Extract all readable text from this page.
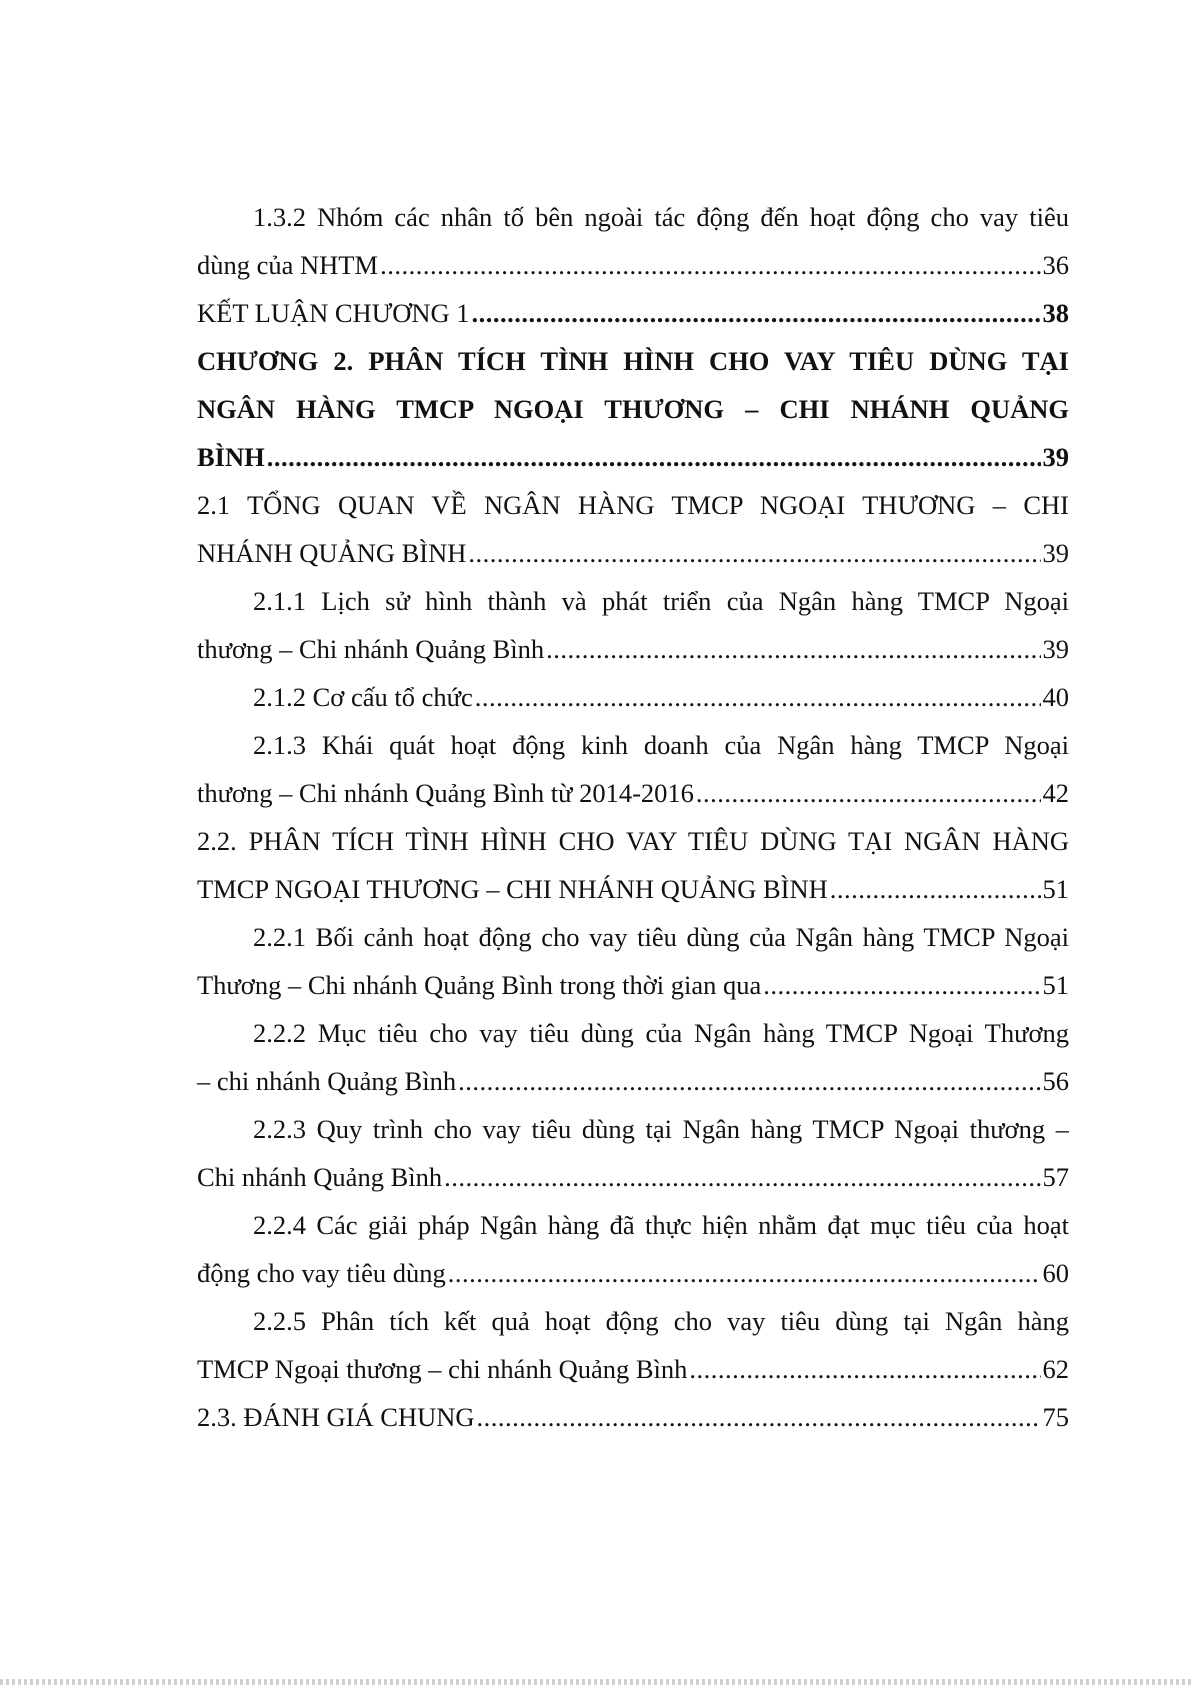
1.3.2 Nhóm các nhân tố bên ngoài tác động đến hoạt động cho vay tiêu
dùng của NHTM .....	36
KẾT LUẬN CHƯƠNG 1 .....	38
CHƯƠNG 2. PHÂN TÍCH TÌNH HÌNH CHO VAY TIÊU DÙNG TẠI
NGÂN HÀNG TMCP NGOẠI THƯƠNG – CHI NHÁNH QUẢNG
BÌNH .....	39
2.1 TỔNG QUAN VỀ NGÂN HÀNG TMCP NGOẠI THƯƠNG – CHI
NHÁNH QUẢNG BÌNH .....	39
2.1.1 Lịch sử hình thành và phát triển của Ngân hàng TMCP Ngoại
thương – Chi nhánh Quảng Bình .....	39
2.1.2 Cơ cấu tổ chức .....	40
2.1.3 Khái quát hoạt động kinh doanh của Ngân hàng TMCP Ngoại
thương – Chi nhánh Quảng Bình từ 2014-2016 .....	42
2.2. PHÂN TÍCH TÌNH HÌNH CHO VAY TIÊU DÙNG TẠI NGÂN HÀNG
TMCP NGOẠI THƯƠNG – CHI NHÁNH QUẢNG BÌNH .....	51
2.2.1 Bối cảnh hoạt động cho vay tiêu dùng của Ngân hàng TMCP Ngoại
Thương – Chi nhánh Quảng Bình trong thời gian qua .....	51
2.2.2 Mục tiêu cho vay tiêu dùng của Ngân hàng TMCP Ngoại Thương
– chi nhánh Quảng Bình .....	56
2.2.3 Quy trình cho vay tiêu dùng tại Ngân hàng TMCP Ngoại thương –
Chi nhánh Quảng Bình .....	57
2.2.4 Các giải pháp Ngân hàng đã thực hiện nhằm đạt mục tiêu của hoạt
động cho vay tiêu dùng .....	60
2.2.5 Phân tích kết quả hoạt động cho vay tiêu dùng tại Ngân hàng
TMCP Ngoại thương – chi nhánh Quảng Bình .....	62
2.3. ĐÁNH GIÁ CHUNG .....	75
